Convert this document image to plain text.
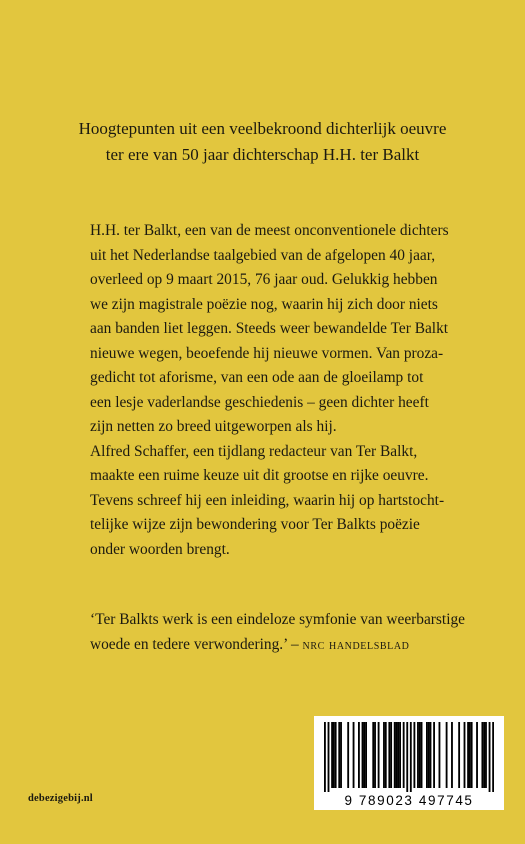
Hoogtepunten uit een veelbekroond dichterlijk oeuvre
ter ere van 50 jaar dichterschap H.H. ter Balkt
H.H. ter Balkt, een van de meest onconventionele dichters
uit het Nederlandse taalgebied van de afgelopen 40 jaar,
overleed op 9 maart 2015, 76 jaar oud. Gelukkig hebben
we zijn magistrale poëzie nog, waarin hij zich door niets
aan banden liet leggen. Steeds weer bewandelde Ter Balkt
nieuwe wegen, beoefende hij nieuwe vormen. Van proza-
gedicht tot aforisme, van een ode aan de gloeilamp tot
een lesje vaderlandse geschiedenis – geen dichter heeft
zijn netten zo breed uitgeworpen als hij.
Alfred Schaffer, een tijdlang redacteur van Ter Balkt,
maakte een ruime keuze uit dit grootse en rijke oeuvre.
Tevens schreef hij een inleiding, waarin hij op hartstocht-
telijke wijze zijn bewondering voor Ter Balkts poëzie
onder woorden brengt.
‘Ter Balkts werk is een eindeloze symfonie van weerbarstige
woede en tedere verwondering.’ – nrc handelsblad
debezigebij.nl	9 789023 497745
